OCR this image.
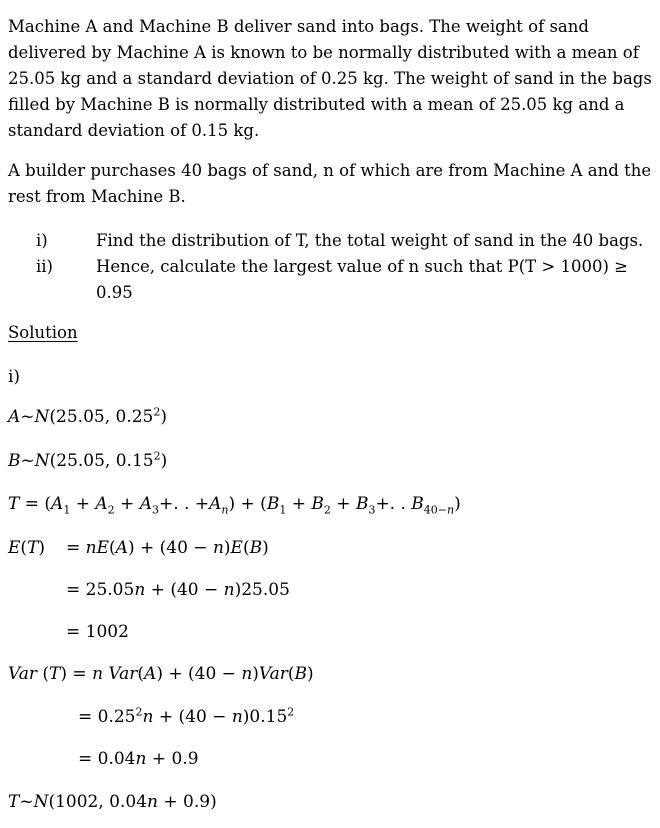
Machine A and Machine B deliver sand into bags. The weight of sand delivered by Machine A is known to be normally distributed with a mean of 25.05 kg and a standard deviation of 0.25 kg. The weight of sand in the bags filled by Machine B is normally distributed with a mean of 25.05 kg and a standard deviation of 0.15 kg.

A builder purchases 40 bags of sand, n of which are from Machine A and the rest from Machine B.

i)	Find the distribution of T, the total weight of sand in the 40 bags.
ii)	Hence, calculate the largest value of n such that P(T > 1000) ≥ 0.95
Solution
i)
A~N(25.05, 0.25$^2$)
B~N(25.05, 0.15$^2$)
$T = (A_1 + A_2 + A_3+$. . $+A_n) + (B_1 + B_2 + B_3+$. . $B_{40-n}$)
E(T) = nE(A) + (40 − n)E(B)
= 25.05n + (40 − n)25.05
= 1002
Var (T) = n Var(A) + (40 − n)Var(B)
= $0.25^2n + (40 - n)0.15^2$
= 0.04n + 0.9
T~N(1002, 0.04n + 0.9)
